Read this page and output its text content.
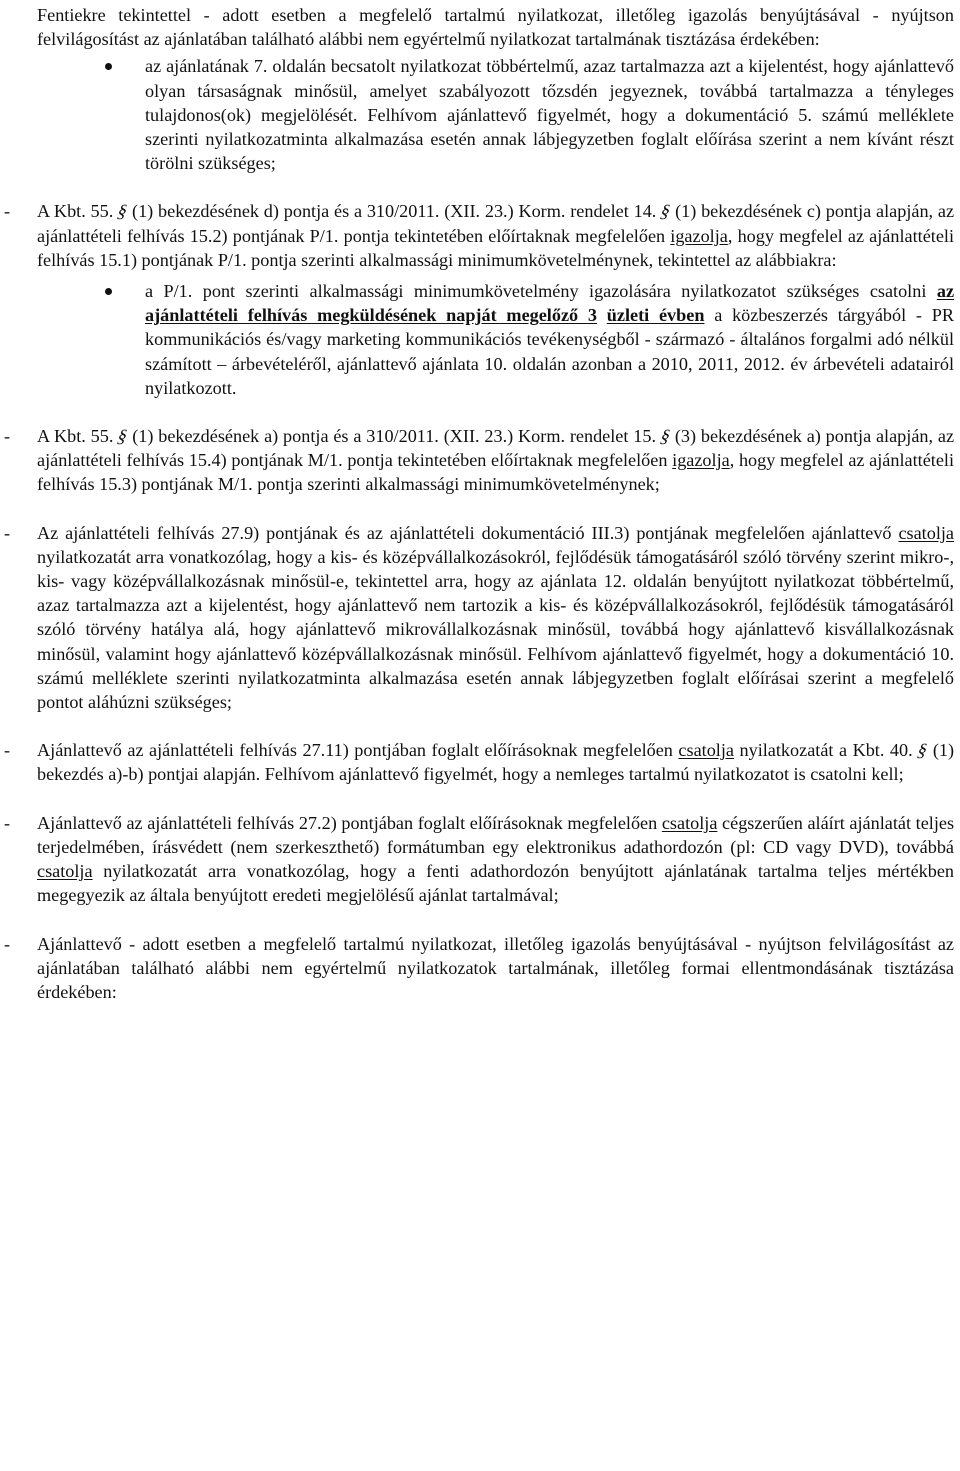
Fentiekre tekintettel - adott esetben a megfelelő tartalmú nyilatkozat, illetőleg igazolás benyújtásával - nyújtson felvilágosítást az ajánlatában található alábbi nem egyértelmű nyilatkozat tartalmának tisztázása érdekében:

az ajánlatának 7. oldalán becsatolt nyilatkozat többértelmű, azaz tartalmazza azt a kijelentést, hogy ajánlattevő olyan társaságnak minősül, amelyet szabályozott tőzsdén jegyeznek, továbbá tartalmazza a tényleges tulajdonos(ok) megjelölését. Felhívom ajánlattevő figyelmét, hogy a dokumentáció 5. számú melléklete szerinti nyilatkozatminta alkalmazása esetén annak lábjegyzetben foglalt előírása szerint a nem kívánt részt törölni szükséges;

- A Kbt. 55. § (1) bekezdésének d) pontja és a 310/2011. (XII. 23.) Korm. rendelet 14. § (1) bekezdésének c) pontja alapján, az ajánlattételi felhívás 15.2) pontjának P/1. pontja tekintetében előírtaknak megfelelően igazolja, hogy megfelel az ajánlattételi felhívás 15.1) pontjának P/1. pontja szerinti alkalmassági minimumkövetelménynek, tekintettel az alábbiakra:

a P/1. pont szerinti alkalmassági minimumkövetelmény igazolására nyilatkozatot szükséges csatolni az ajánlattételi felhívás megküldésének napját megelőző 3 üzleti évben a közbeszerzés tárgyából - PR kommunikációs és/vagy marketing kommunikációs tevékenységből - származó - általános forgalmi adó nélkül számított – árbevételéről, ajánlattevő ajánlata 10. oldalán azonban a 2010, 2011, 2012. év árbevételi adatairól nyilatkozott.

- A Kbt. 55. § (1) bekezdésének a) pontja és a 310/2011. (XII. 23.) Korm. rendelet 15. § (3) bekezdésének a) pontja alapján, az ajánlattételi felhívás 15.4) pontjának M/1. pontja tekintetében előírtaknak megfelelően igazolja, hogy megfelel az ajánlattételi felhívás 15.3) pontjának M/1. pontja szerinti alkalmassági minimumkövetelménynek;

- Az ajánlattételi felhívás 27.9) pontjának és az ajánlattételi dokumentáció III.3) pontjának megfelelően ajánlattevő csatolja nyilatkozatát arra vonatkozólag, hogy a kis- és középvállalkozásokról, fejlődésük támogatásáról szóló törvény szerint mikro-, kis- vagy középvállalkozásnak minősül-e, tekintettel arra, hogy az ajánlata 12. oldalán benyújtott nyilatkozat többértelmű, azaz tartalmazza azt a kijelentést, hogy ajánlattevő nem tartozik a kis- és középvállalkozásokról, fejlődésük támogatásáról szóló törvény hatálya alá, hogy ajánlattevő mikrovállalkozásnak minősül, továbbá hogy ajánlattevő kisvállalkozásnak minősül, valamint hogy ajánlattevő középvállalkozásnak minősül. Felhívom ajánlattevő figyelmét, hogy a dokumentáció 10. számú melléklete szerinti nyilatkozatminta alkalmazása esetén annak lábjegyzetben foglalt előírásai szerint a megfelelő pontot aláhúzni szükséges;

- Ajánlattevő az ajánlattételi felhívás 27.11) pontjában foglalt előírásoknak megfelelően csatolja nyilatkozatát a Kbt. 40. § (1) bekezdés a)-b) pontjai alapján. Felhívom ajánlattevő figyelmét, hogy a nemleges tartalmú nyilatkozatot is csatolni kell;

- Ajánlattevő az ajánlattételi felhívás 27.2) pontjában foglalt előírásoknak megfelelően csatolja cégszerűen aláírt ajánlatát teljes terjedelmében, írásvédett (nem szerkeszthető) formátumban egy elektronikus adathordozón (pl: CD vagy DVD), továbbá csatolja nyilatkozatát arra vonatkozólag, hogy a fenti adathordozón benyújtott ajánlatának tartalma teljes mértékben megegyezik az általa benyújtott eredeti megjelölésű ajánlat tartalmával;

- Ajánlattevő - adott esetben a megfelelő tartalmú nyilatkozat, illetőleg igazolás benyújtásával - nyújtson felvilágosítást az ajánlatában található alábbi nem egyértelmű nyilatkozatok tartalmának, illetőleg formai ellentmondásának tisztázása érdekében:
